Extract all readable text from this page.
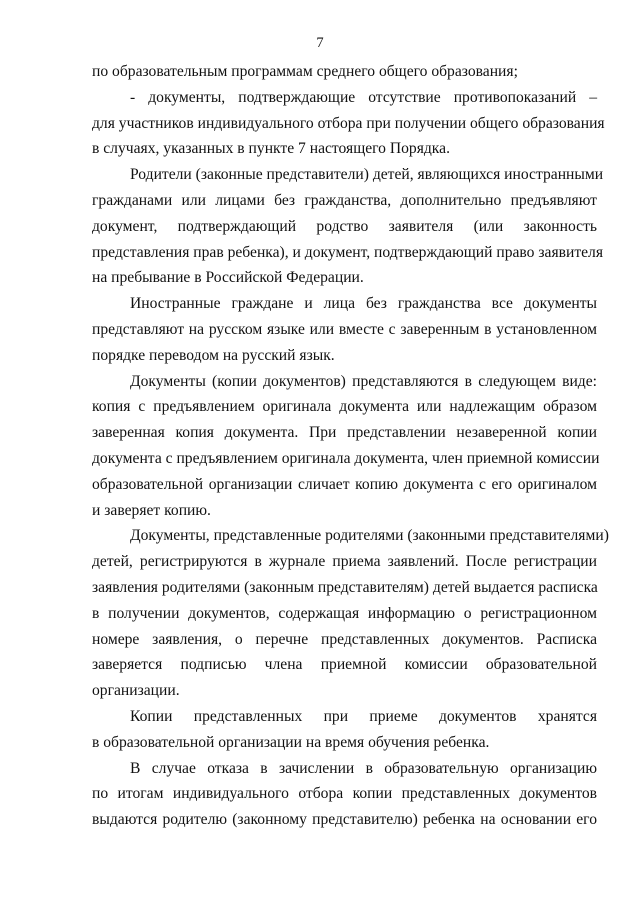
7

по образовательным программам среднего общего образования;

- документы, подтверждающие отсутствие противопоказаний –
для участников индивидуального отбора при получении общего образования
в случаях, указанных в пункте 7 настоящего Порядка.

Родители (законные представители) детей, являющихся иностранными
гражданами или лицами без гражданства, дополнительно предъявляют
документ, подтверждающий родство заявителя (или законность
представления прав ребенка), и документ, подтверждающий право заявителя
на пребывание в Российской Федерации.

Иностранные граждане и лица без гражданства все документы
представляют на русском языке или вместе с заверенным в установленном
порядке переводом на русский язык.

Документы (копии документов) представляются в следующем виде:
копия с предъявлением оригинала документа или надлежащим образом
заверенная копия документа. При представлении незаверенной копии
документа с предъявлением оригинала документа, член приемной комиссии
образовательной организации сличает копию документа с его оригиналом
и заверяет копию.

Документы, представленные родителями (законными представителями)
детей, регистрируются в журнале приема заявлений. После регистрации
заявления родителями (законным представителям) детей выдается расписка
в получении документов, содержащая информацию о регистрационном
номере заявления, о перечне представленных документов. Расписка
заверяется подписью члена приемной комиссии образовательной
организации.

Копии представленных при приеме документов хранятся
в образовательной организации на время обучения ребенка.

В случае отказа в зачислении в образовательную организацию
по итогам индивидуального отбора копии представленных документов
выдаются родителю (законному представителю) ребенка на основании его
